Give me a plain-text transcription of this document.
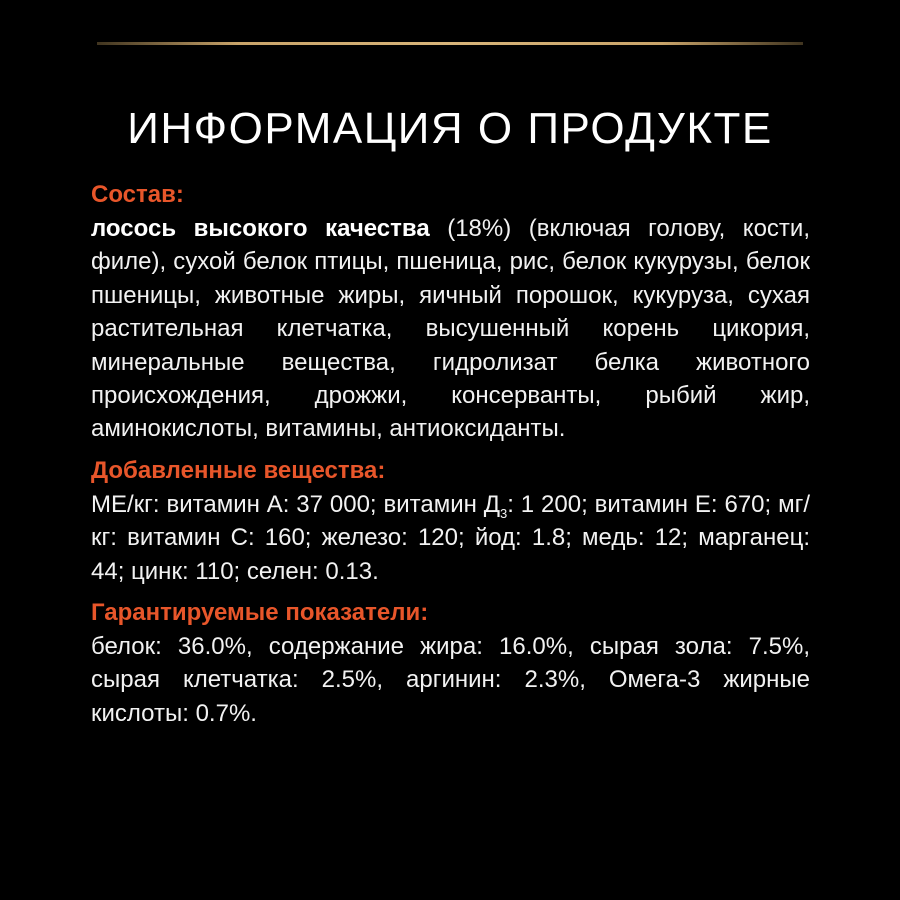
ИНФОРМАЦИЯ О ПРОДУКТЕ

Состав:

лосось высокого качества (18%) (включая голову, кости, филе), сухой белок птицы, пшеница, рис, белок кукурузы, белок пшеницы, животные жиры, яичный порошок, кукуруза, сухая растительная клетчатка, высушенный корень цикория, минеральные вещества, гидролизат белка животного происхождения, дрожжи, консерванты, рыбий жир, аминокислоты, витамины, антиоксиданты.

Добавленные вещества:

МЕ/кг: витамин А: 37 000; витамин $Д_3$: 1 200; витамин Е: 670; мг/кг: витамин С: 160; железо: 120; йод: 1.8; медь: 12; марганец: 44; цинк: 110; селен: 0.13.

Гарантируемые показатели:

белок: 36.0%, содержание жира: 16.0%, сырая зола: 7.5%, сырая клетчатка: 2.5%, аргинин: 2.3%, Омега-3 жирные кислоты: 0.7%.
